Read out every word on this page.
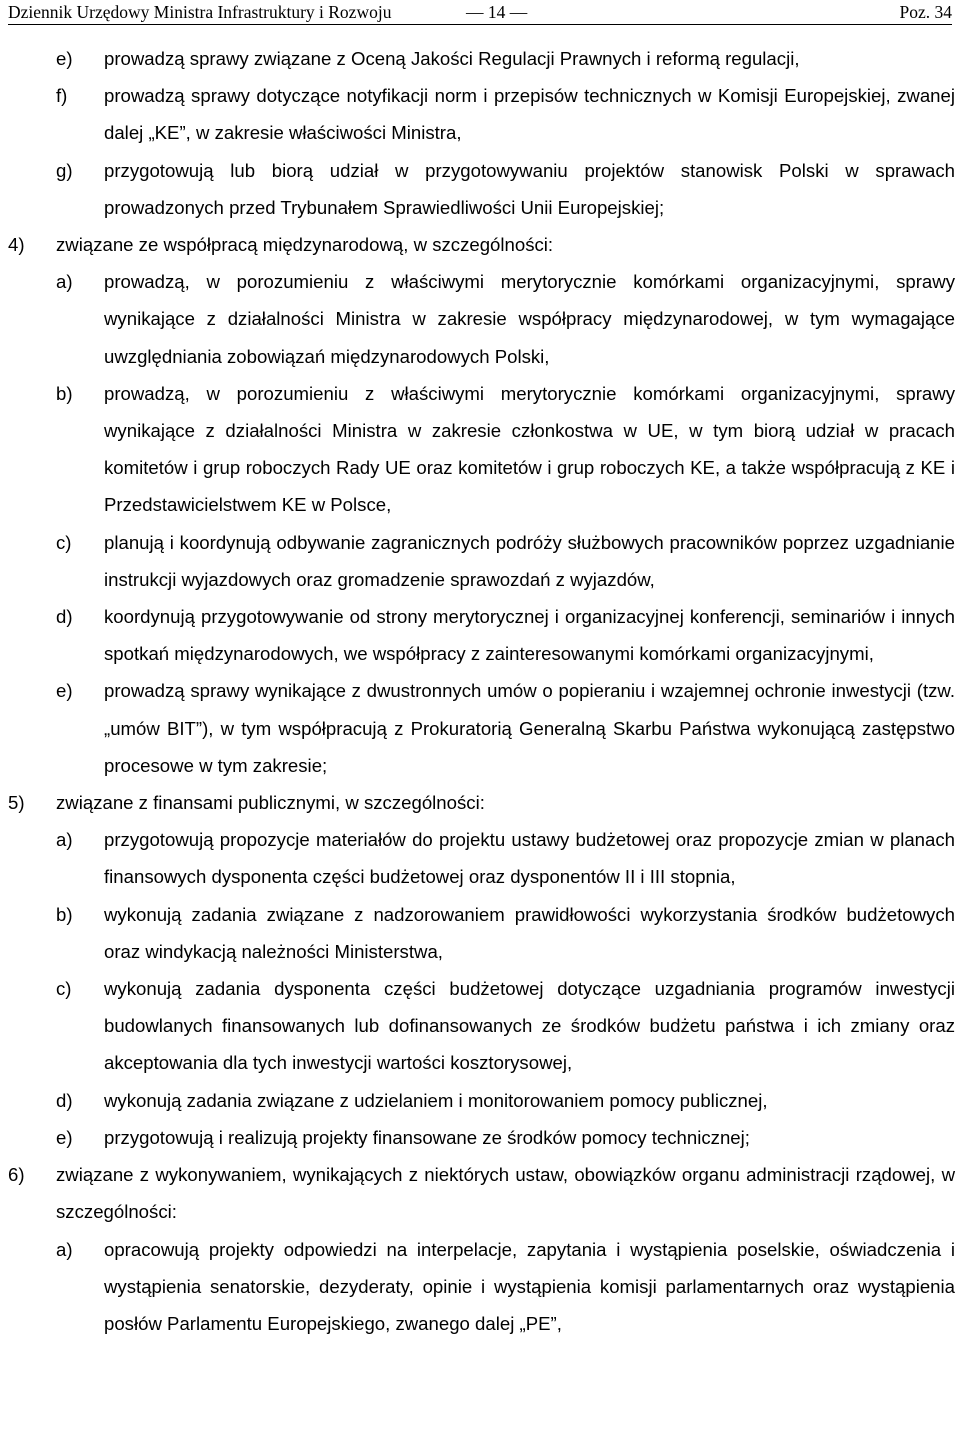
Dziennik Urzędowy Ministra Infrastruktury i Rozwoju	— 14 —	Poz. 34
e)	prowadzą sprawy związane z Oceną Jakości Regulacji Prawnych i reformą regulacji,
f)	prowadzą sprawy dotyczące notyfikacji norm i przepisów technicznych w Komisji Europejskiej, zwanej dalej „KE”, w zakresie właściwości Ministra,
g)	przygotowują lub biorą udział w przygotowywaniu projektów stanowisk Polski w sprawach prowadzonych przed Trybunałem Sprawiedliwości Unii Europejskiej;
4)	związane ze współpracą międzynarodową, w szczególności:
a)	prowadzą, w porozumieniu z właściwymi merytorycznie komórkami organizacyjnymi, sprawy wynikające z działalności Ministra w zakresie współpracy międzynarodowej, w tym wymagające uwzględniania zobowiązań międzynarodowych Polski,
b)	prowadzą, w porozumieniu z właściwymi merytorycznie komórkami organizacyjnymi, sprawy wynikające z działalności Ministra w zakresie członkostwa w UE, w tym biorą udział w pracach komitetów i grup roboczych Rady UE oraz komitetów i grup roboczych KE, a także współpracują z KE i Przedstawicielstwem KE w Polsce,
c)	planują i koordynują odbywanie zagranicznych podróży służbowych pracowników poprzez uzgadnianie instrukcji wyjazdowych oraz gromadzenie sprawozdań z wyjazdów,
d)	koordynują przygotowywanie od strony merytorycznej i organizacyjnej konferencji, seminariów i innych spotkań międzynarodowych, we współpracy z zainteresowanymi komórkami organizacyjnymi,
e)	prowadzą sprawy wynikające z dwustronnych umów o popieraniu i wzajemnej ochronie inwestycji (tzw. „umów BIT”), w tym współpracują z Prokuratorią Generalną Skarbu Państwa wykonującą zastępstwo procesowe w tym zakresie;
5)	związane z finansami publicznymi, w szczególności:
a)	przygotowują propozycje materiałów do projektu ustawy budżetowej oraz propozycje zmian w planach finansowych dysponenta części budżetowej oraz dysponentów II i III stopnia,
b)	wykonują zadania związane z nadzorowaniem prawidłowości wykorzystania środków budżetowych oraz windykacją należności Ministerstwa,
c)	wykonują zadania dysponenta części budżetowej dotyczące uzgadniania programów inwestycji budowlanych finansowanych lub dofinansowanych ze środków budżetu państwa i ich zmiany oraz akceptowania dla tych inwestycji wartości kosztorysowej,
d)	wykonują zadania związane z udzielaniem i monitorowaniem pomocy publicznej,
e)	przygotowują i realizują projekty finansowane ze środków pomocy technicznej;
6)	związane z wykonywaniem, wynikających z niektórych ustaw, obowiązków organu administracji rządowej, w szczególności:
a)	opracowują projekty odpowiedzi na interpelacje, zapytania i wystąpienia poselskie, oświadczenia i wystąpienia senatorskie, dezyderaty, opinie i wystąpienia komisji parlamentarnych oraz wystąpienia posłów Parlamentu Europejskiego, zwanego dalej „PE”,
